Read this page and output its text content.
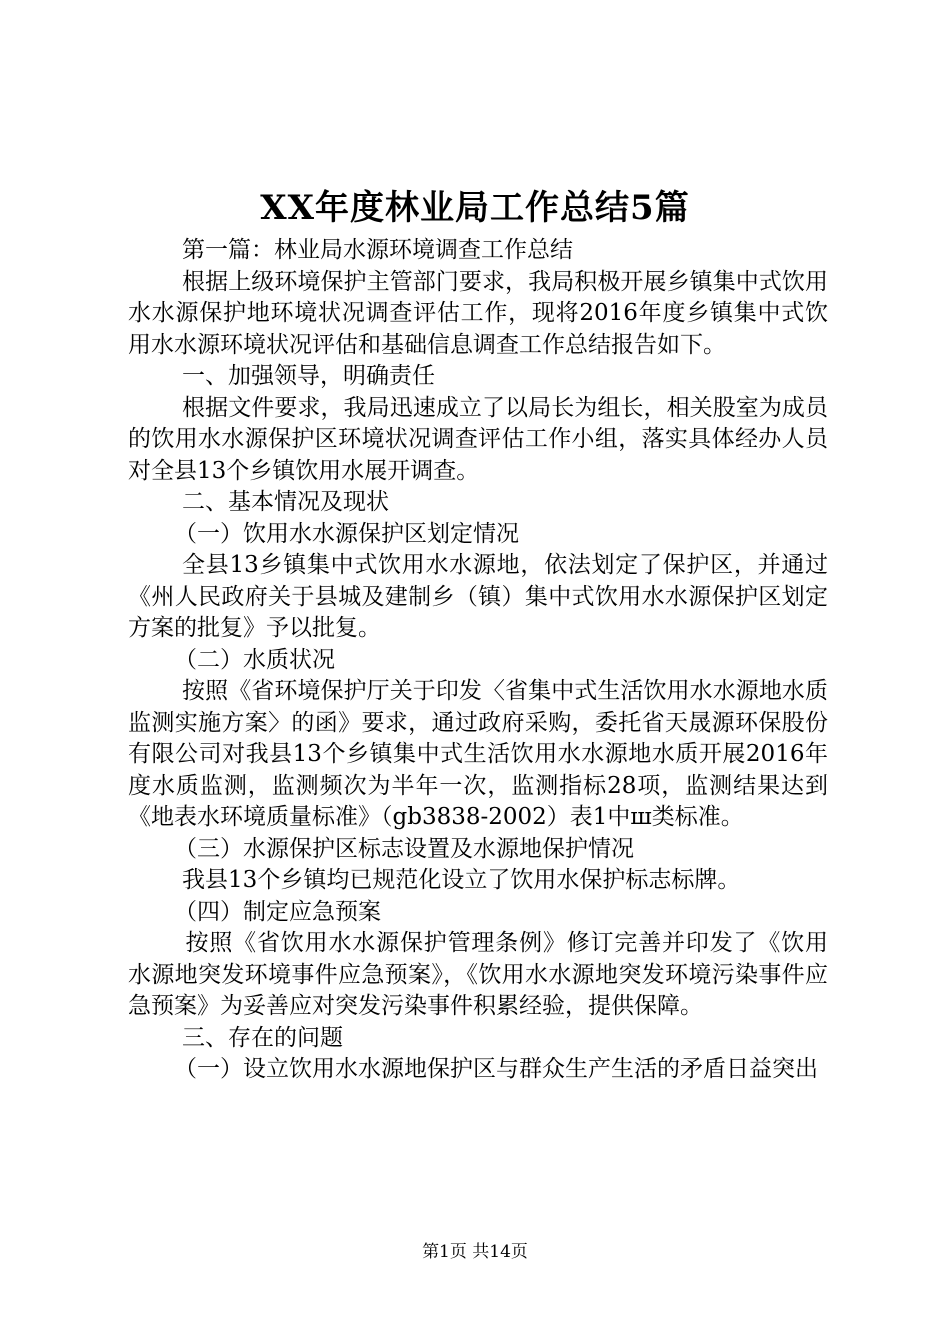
XX年度林业局工作总结5篇

第一篇：林业局水源环境调查工作总结

根据上级环境保护主管部门要求，我局积极开展乡镇集中式饮用水水源保护地环境状况调查评估工作，现将2016年度乡镇集中式饮用水水源环境状况评估和基础信息调查工作总结报告如下。

一、加强领导，明确责任

根据文件要求，我局迅速成立了以局长为组长，相关股室为成员的饮用水水源保护区环境状况调查评估工作小组，落实具体经办人员对全县13个乡镇饮用水展开调查。

二、基本情况及现状

（一）饮用水水源保护区划定情况

全县13乡镇集中式饮用水水源地，依法划定了保护区，并通过《州人民政府关于县城及建制乡（镇）集中式饮用水水源保护区划定方案的批复》予以批复。

（二）水质状况

按照《省环境保护厅关于印发〈省集中式生活饮用水水源地水质监测实施方案〉的函》要求，通过政府采购，委托省天晟源环保股份有限公司对我县13个乡镇集中式生活饮用水水源地水质开展2016年度水质监测，监测频次为半年一次，监测指标28项，监测结果达到《地表水环境质量标准》（gb3838-2002）表1中ш类标准。

（三）水源保护区标志设置及水源地保护情况

我县13个乡镇均已规范化设立了饮用水保护标志标牌。

（四）制定应急预案

按照《省饮用水水源保护管理条例》修订完善并印发了《饮用水源地突发环境事件应急预案》，《饮用水水源地突发环境污染事件应急预案》为妥善应对突发污染事件积累经验，提供保障。

三、存在的问题

（一）设立饮用水水源地保护区与群众生产生活的矛盾日益突出

第1页 共14页
